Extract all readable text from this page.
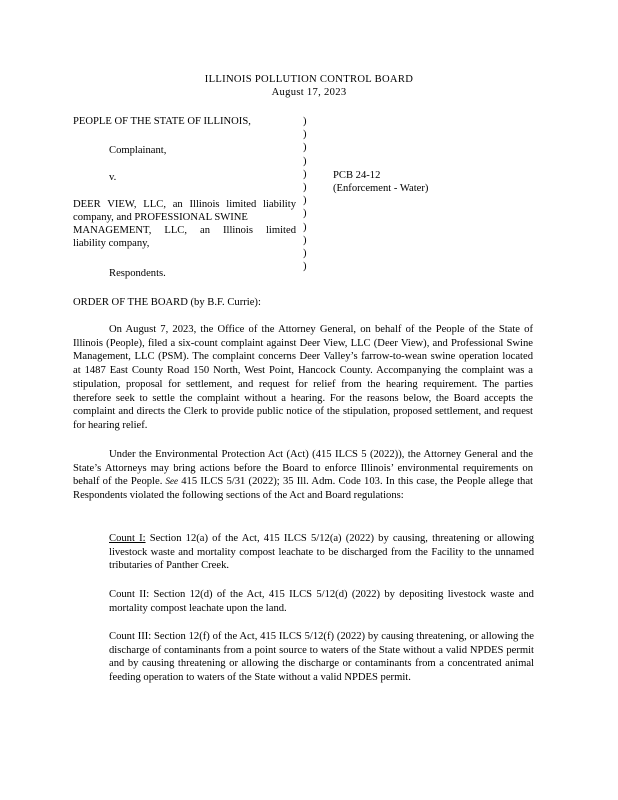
ILLINOIS POLLUTION CONTROL BOARD
August 17, 2023
PEOPLE OF THE STATE OF ILLINOIS,
Complainant,
v.
DEER VIEW, LLC, an Illinois limited liability
company, and PROFESSIONAL SWINE
MANAGEMENT, LLC, an Illinois limited
liability company,
Respondents.
)
)
)
)
)
)
)
)
)
)
)
)
PCB 24-12
(Enforcement - Water)
ORDER OF THE BOARD (by B.F. Currie):
On August 7, 2023, the Office of the Attorney General, on behalf of the People of the State of Illinois (People), filed a six-count complaint against Deer View, LLC (Deer View), and Professional Swine Management, LLC (PSM). The complaint concerns Deer Valley’s farrow-to-wean swine operation located at 1487 East County Road 150 North, West Point, Hancock County. Accompanying the complaint was a stipulation, proposal for settlement, and request for relief from the hearing requirement. The parties therefore seek to settle the complaint without a hearing. For the reasons below, the Board accepts the complaint and directs the Clerk to provide public notice of the stipulation, proposed settlement, and request for hearing relief.
Under the Environmental Protection Act (Act) (415 ILCS 5 (2022)), the Attorney General and the State’s Attorneys may bring actions before the Board to enforce Illinois’ environmental requirements on behalf of the People. See 415 ILCS 5/31 (2022); 35 Ill. Adm. Code 103. In this case, the People allege that Respondents violated the following sections of the Act and Board regulations:
Count I: Section 12(a) of the Act, 415 ILCS 5/12(a) (2022) by causing, threatening or allowing livestock waste and mortality compost leachate to be discharged from the Facility to the unnamed tributaries of Panther Creek.
Count II: Section 12(d) of the Act, 415 ILCS 5/12(d) (2022) by depositing livestock waste and mortality compost leachate upon the land.
Count III: Section 12(f) of the Act, 415 ILCS 5/12(f) (2022) by causing threatening, or allowing the discharge of contaminants from a point source to waters of the State without a valid NPDES permit and by causing threatening or allowing the discharge or contaminants from a concentrated animal feeding operation to waters of the State without a valid NPDES permit.
